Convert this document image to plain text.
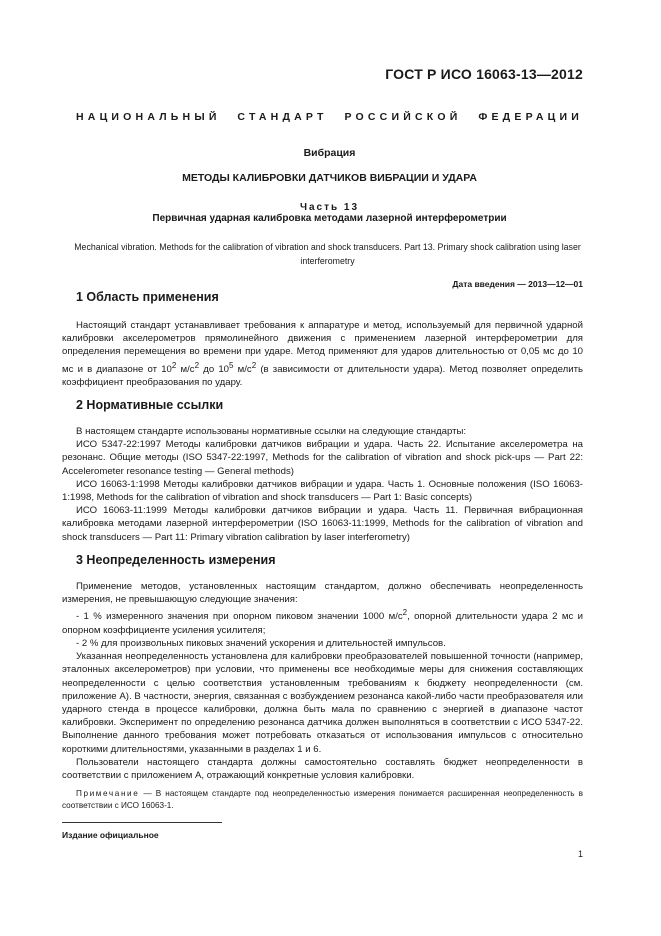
ГОСТ Р ИСО 16063-13—2012
НАЦИОНАЛЬНЫЙ СТАНДАРТ РОССИЙСКОЙ ФЕДЕРАЦИИ
Вибрация
МЕТОДЫ КАЛИБРОВКИ ДАТЧИКОВ ВИБРАЦИИ И УДАРА
Часть 13
Первичная ударная калибровка методами лазерной интерферометрии
Mechanical vibration. Methods for the calibration of vibration and shock transducers. Part 13. Primary shock calibration using laser interferometry
Дата введения — 2013—12—01
1 Область применения

Настоящий стандарт устанавливает требования к аппаратуре и метод, используемый для первичной ударной калибровки акселерометров прямолинейного движения с применением лазерной интерферометрии для определения перемещения во времени при ударе. Метод применяют для ударов длительностью от 0,05 мс до 10 мс и в диапазоне от $10^2$ $м/с^2$ до $10^5$ $м/с^2$ (в зависимости от длительности удара). Метод позволяет определить коэффициент преобразования по удару.

2 Нормативные ссылки

В настоящем стандарте использованы нормативные ссылки на следующие стандарты:

ИСО 5347-22:1997 Методы калибровки датчиков вибрации и удара. Часть 22. Испытание акселерометра на резонанс. Общие методы (ISO 5347-22:1997, Methods for the calibration of vibration and shock pick-ups — Part 22: Accelerometer resonance testing — General methods)

ИСО 16063-1:1998 Методы калибровки датчиков вибрации и удара. Часть 1. Основные положения (ISO 16063-1:1998, Methods for the calibration of vibration and shock transducers — Part 1: Basic concepts)

ИСО 16063-11:1999 Методы калибровки датчиков вибрации и удара. Часть 11. Первичная вибрационная калибровка методами лазерной интерферометрии (ISO 16063-11:1999, Methods for the calibration of vibration and shock transducers — Part 11: Primary vibration calibration by laser interferometry)

3 Неопределенность измерения

Применение методов, установленных настоящим стандартом, должно обеспечивать неопределенность измерения, не превышающую следующие значения:

- 1 % измеренного значения при опорном пиковом значении 1000 $м/с^2$, опорной длительности удара 2 мс и опорном коэффициенте усиления усилителя;
- 2 % для произвольных пиковых значений ускорения и длительностей импульсов.

Указанная неопределенность установлена для калибровки преобразователей повышенной точности (например, эталонных акселерометров) при условии, что применены все необходимые меры для снижения составляющих неопределенности с целью соответствия установленным требованиям к бюджету неопределенности (см. приложение А). В частности, энергия, связанная с возбуждением резонанса какой-либо части преобразователя или ударного стенда в процессе калибровки, должна быть мала по сравнению с энергией в диапазоне частот калибровки. Эксперимент по определению резонанса датчика должен выполняться в соответствии с ИСО 5347-22. Выполнение данного требования может потребовать отказаться от использования импульсов с относительно короткими длительностями, указанными в разделах 1 и 6.

Пользователи настоящего стандарта должны самостоятельно составлять бюджет неопределенности в соответствии с приложением А, отражающий конкретные условия калибровки.

Примечание — В настоящем стандарте под неопределенностью измерения понимается расширенная неопределенность в соответствии с ИСО 16063-1.
Издание официальное
1
